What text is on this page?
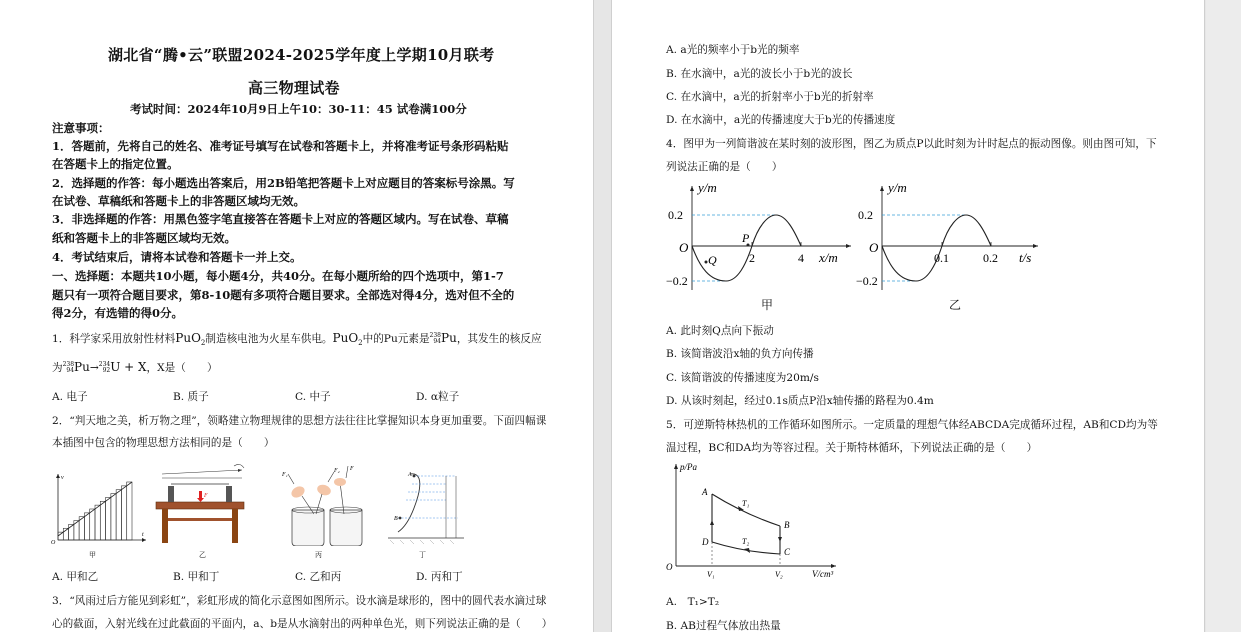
湖北省“腾•云”联盟2024-2025学年度上学期10月联考
高三物理试卷
考试时间：2024年10月9日上午10：30-11：45 试卷满100分
注意事项：
1．答题前，先将自己的姓名、准考证号填写在试卷和答题卡上，并将准考证号条形码粘贴
在答题卡上的指定位置。
2．选择题的作答：每小题选出答案后，用2B铅笔把答题卡上对应题目的答案标号涂黑。写
在试卷、草稿纸和答题卡上的非答题区域均无效。
3．非选择题的作答：用黑色签字笔直接答在答题卡上对应的答题区域内。写在试卷、草稿
纸和答题卡上的非答题区域均无效。
4．考试结束后，请将本试卷和答题卡一并上交。
一、选择题：本题共10小题，每小题4分，共40分。在每小题所给的四个选项中，第1-7
题只有一项符合题目要求，第8-10题有多项符合题目要求。全部选对得4分，选对但不全的
得2分，有选错的得0分。
1．科学家采用放射性材料PuO$_2$制造核电池为火星车供电。PuO$_2$中的Pu元素是238
94Pu，其发生的核反应
为238
94Pu→234
92U + X，X是（　　）
A. 电子	B. 质子	C. 中子	D. α粒子
2．“判天地之美，析万物之理”，领略建立物理规律的思想方法往往比掌握知识本身更加重要。下面四幅课
本插图中包含的物理思想方法相同的是（　　）
v
t
O
甲
F
乙
F₁
F₂ F
丙
A
B
丁
A. 甲和乙	B. 甲和丁	C. 乙和丙	D. 丙和丁
3．“风雨过后方能见到彩虹”，彩虹形成的简化示意图如图所示。设水滴是球形的，图中的圆代表水滴过球
心的截面，入射光线在过此截面的平面内，a、b是从水滴射出的两种单色光，则下列说法正确的是（　　）
A. a光的频率小于b光的频率
B. 在水滴中，a光的波长小于b光的波长
C. 在水滴中，a光的折射率小于b光的折射率
D. 在水滴中，a光的传播速度大于b光的传播速度
4．图甲为一列简谐波在某时刻的波形图，图乙为质点P以此时刻为计时起点的振动图像。则由图可知，下
列说法正确的是（　　）
y/m
x/m
O
0.2
−0.2
2	4
P
Q
甲
y/m
t/s
O
0.2
−0.2
0.1	0.2
乙
A. 此时刻Q点向下振动
B. 该简谐波沿x轴的负方向传播
C. 该简谐波的传播速度为20m/s
D. 从该时刻起，经过0.1s质点P沿x轴传播的路程为0.4m
5．可逆斯特林热机的工作循环如图所示。一定质量的理想气体经ABCDA完成循环过程，AB和CD均为等
温过程，BC和DA均为等容过程。关于斯特林循环，下列说法正确的是（　　）
p/Pa
V/cm³
O
A
B
C
D
T₁
T₂
V₁	V₂
A.　T₁>T₂
B. AB过程气体放出热量
